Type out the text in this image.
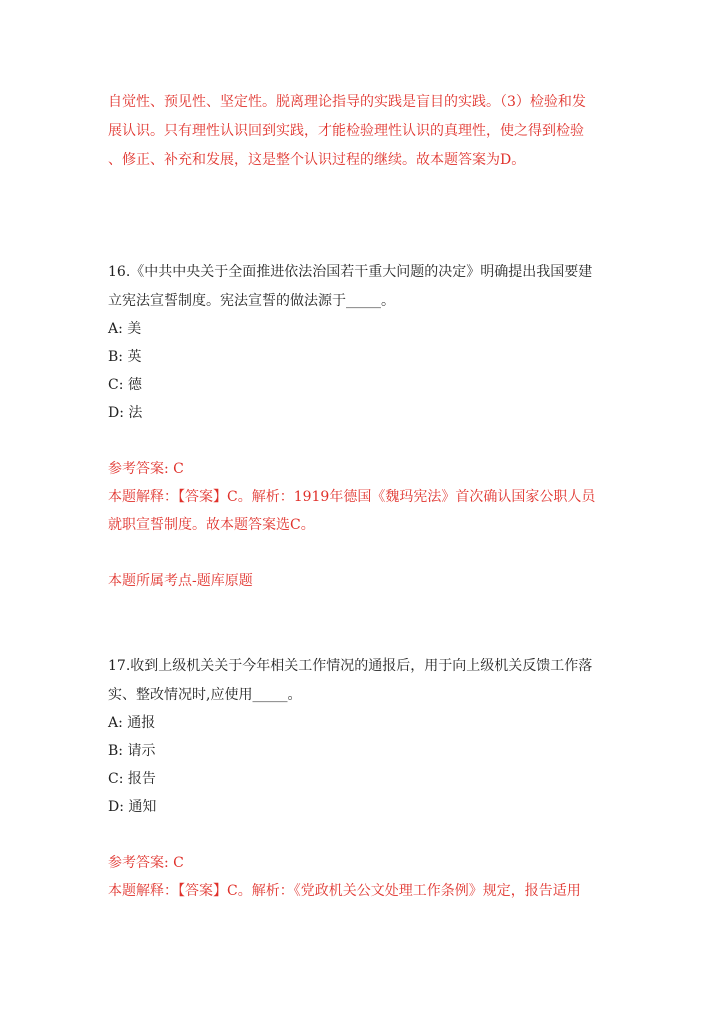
自觉性、预见性、坚定性。脱离理论指导的实践是盲目的实践。（3）检验和发
展认识。只有理性认识回到实践，才能检验理性认识的真理性，使之得到检验
、修正、补充和发展，这是整个认识过程的继续。故本题答案为D。
16.《中共中央关于全面推进依法治国若干重大问题的决定》明确提出我国要建
立宪法宣誓制度。宪法宣誓的做法源于_____。
A: 美
B: 英
C: 德
D: 法
参考答案: C
本题解释：【答案】C。解析：1919年德国《魏玛宪法》首次确认国家公职人员
就职宣誓制度。故本题答案选C。
本题所属考点-题库原题
17.收到上级机关关于今年相关工作情况的通报后，用于向上级机关反馈工作落
实、整改情况时,应使用_____。
A: 通报
B: 请示
C: 报告
D: 通知
参考答案: C
本题解释：【答案】C。解析：《党政机关公文处理工作条例》规定，报告适用
